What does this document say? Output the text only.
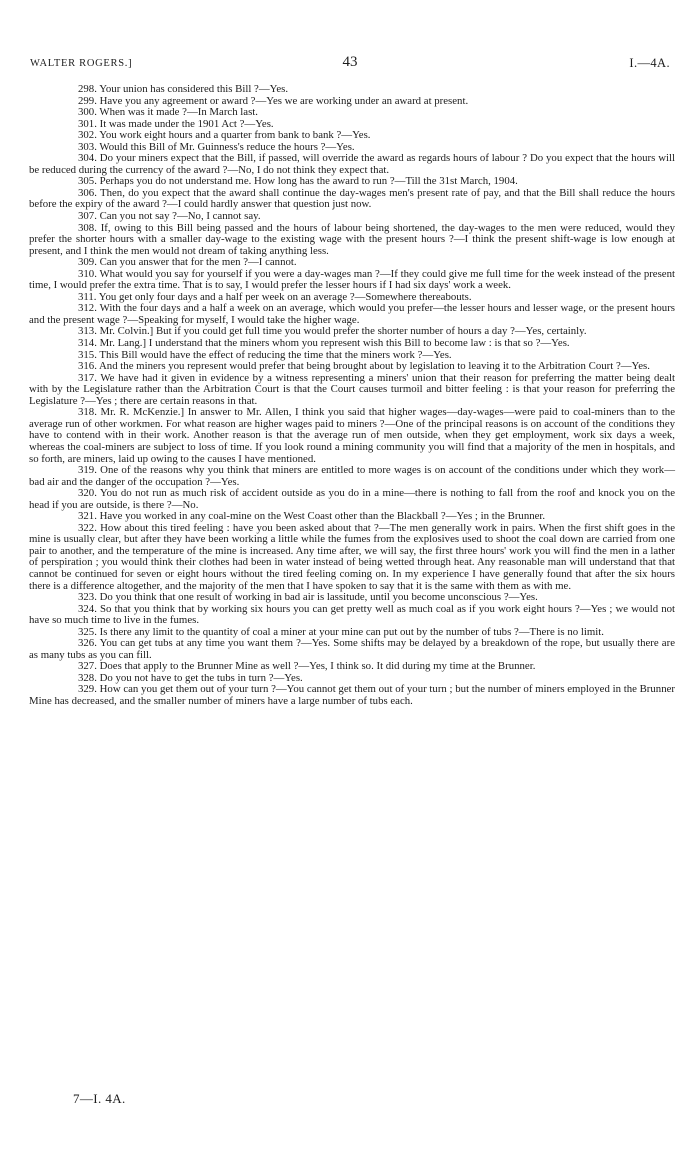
WALTER ROGERS.]	43	I.—4A.

298. Your union has considered this Bill ?—Yes.

299. Have you any agreement or award ?—Yes we are working under an award at present.

300. When was it made ?—In March last.

301. It was made under the 1901 Act ?—Yes.

302. You work eight hours and a quarter from bank to bank ?—Yes.

303. Would this Bill of Mr. Guinness's reduce the hours ?—Yes.

304. Do your miners expect that the Bill, if passed, will override the award as regards hours of labour ? Do you expect that the hours will be reduced during the currency of the award ?—No, I do not think they expect that.

305. Perhaps you do not understand me. How long has the award to run ?—Till the 31st March, 1904.

306. Then, do you expect that the award shall continue the day-wages men's present rate of pay, and that the Bill shall reduce the hours before the expiry of the award ?—I could hardly answer that question just now.

307. Can you not say ?—No, I cannot say.

308. If, owing to this Bill being passed and the hours of labour being shortened, the day-wages to the men were reduced, would they prefer the shorter hours with a smaller day-wage to the existing wage with the present hours ?—I think the present shift-wage is low enough at present, and I think the men would not dream of taking anything less.

309. Can you answer that for the men ?—I cannot.

310. What would you say for yourself if you were a day-wages man ?—If they could give me full time for the week instead of the present time, I would prefer the extra time. That is to say, I would prefer the lesser hours if I had six days' work a week.

311. You get only four days and a half per week on an average ?—Somewhere thereabouts.

312. With the four days and a half a week on an average, which would you prefer—the lesser hours and lesser wage, or the present hours and the present wage ?—Speaking for myself, I would take the higher wage.

313. Mr. Colvin.] But if you could get full time you would prefer the shorter number of hours a day ?—Yes, certainly.

314. Mr. Lang.] I understand that the miners whom you represent wish this Bill to become law : is that so ?—Yes.

315. This Bill would have the effect of reducing the time that the miners work ?—Yes.

316. And the miners you represent would prefer that being brought about by legislation to leaving it to the Arbitration Court ?—Yes.

317. We have had it given in evidence by a witness representing a miners' union that their reason for preferring the matter being dealt with by the Legislature rather than the Arbitration Court is that the Court causes turmoil and bitter feeling : is that your reason for preferring the Legislature ?—Yes ; there are certain reasons in that.

318. Mr. R. McKenzie.] In answer to Mr. Allen, I think you said that higher wages—day-wages—were paid to coal-miners than to the average run of other workmen. For what reason are higher wages paid to miners ?—One of the principal reasons is on account of the conditions they have to contend with in their work. Another reason is that the average run of men outside, when they get employment, work six days a week, whereas the coal-miners are subject to loss of time. If you look round a mining community you will find that a majority of the men in hospitals, and so forth, are miners, laid up owing to the causes I have mentioned.

319. One of the reasons why you think that miners are entitled to more wages is on account of the conditions under which they work—bad air and the danger of the occupation ?—Yes.

320. You do not run as much risk of accident outside as you do in a mine—there is nothing to fall from the roof and knock you on the head if you are outside, is there ?—No.

321. Have you worked in any coal-mine on the West Coast other than the Blackball ?—Yes ; in the Brunner.

322. How about this tired feeling : have you been asked about that ?—The men generally work in pairs. When the first shift goes in the mine is usually clear, but after they have been working a little while the fumes from the explosives used to shoot the coal down are carried from one pair to another, and the temperature of the mine is increased. Any time after, we will say, the first three hours' work you will find the men in a lather of perspiration ; you would think their clothes had been in water instead of being wetted through heat. Any reasonable man will understand that that cannot be continued for seven or eight hours without the tired feeling coming on. In my experience I have generally found that after the six hours there is a difference altogether, and the majority of the men that I have spoken to say that it is the same with them as with me.

323. Do you think that one result of working in bad air is lassitude, until you become unconscious ?—Yes.

324. So that you think that by working six hours you can get pretty well as much coal as if you work eight hours ?—Yes ; we would not have so much time to live in the fumes.

325. Is there any limit to the quantity of coal a miner at your mine can put out by the number of tubs ?—There is no limit.

326. You can get tubs at any time you want them ?—Yes. Some shifts may be delayed by a breakdown of the rope, but usually there are as many tubs as you can fill.

327. Does that apply to the Brunner Mine as well ?—Yes, I think so. It did during my time at the Brunner.

328. Do you not have to get the tubs in turn ?—Yes.

329. How can you get them out of your turn ?—You cannot get them out of your turn ; but the number of miners employed in the Brunner Mine has decreased, and the smaller number of miners have a large number of tubs each.

7—I. 4A.
